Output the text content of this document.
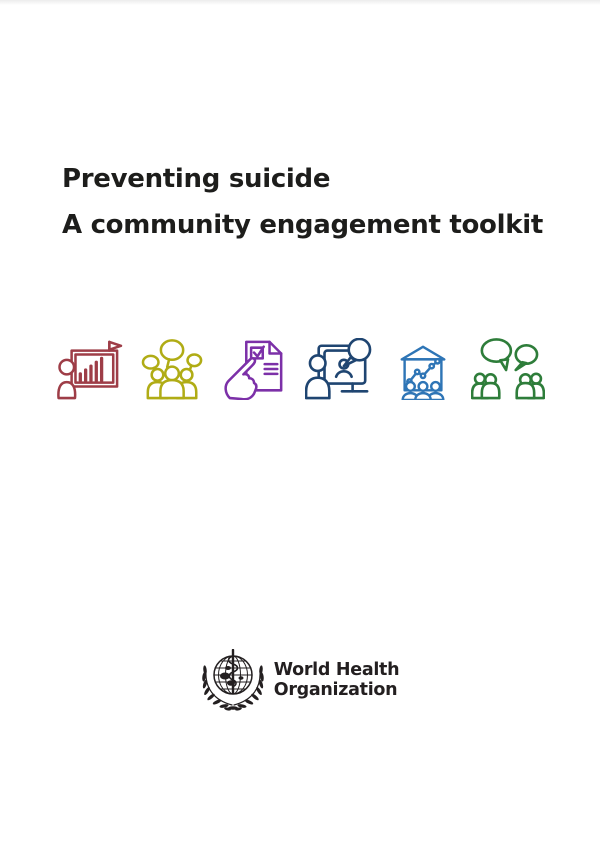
Preventing suicide
A community engagement toolkit
World Health
Organization
